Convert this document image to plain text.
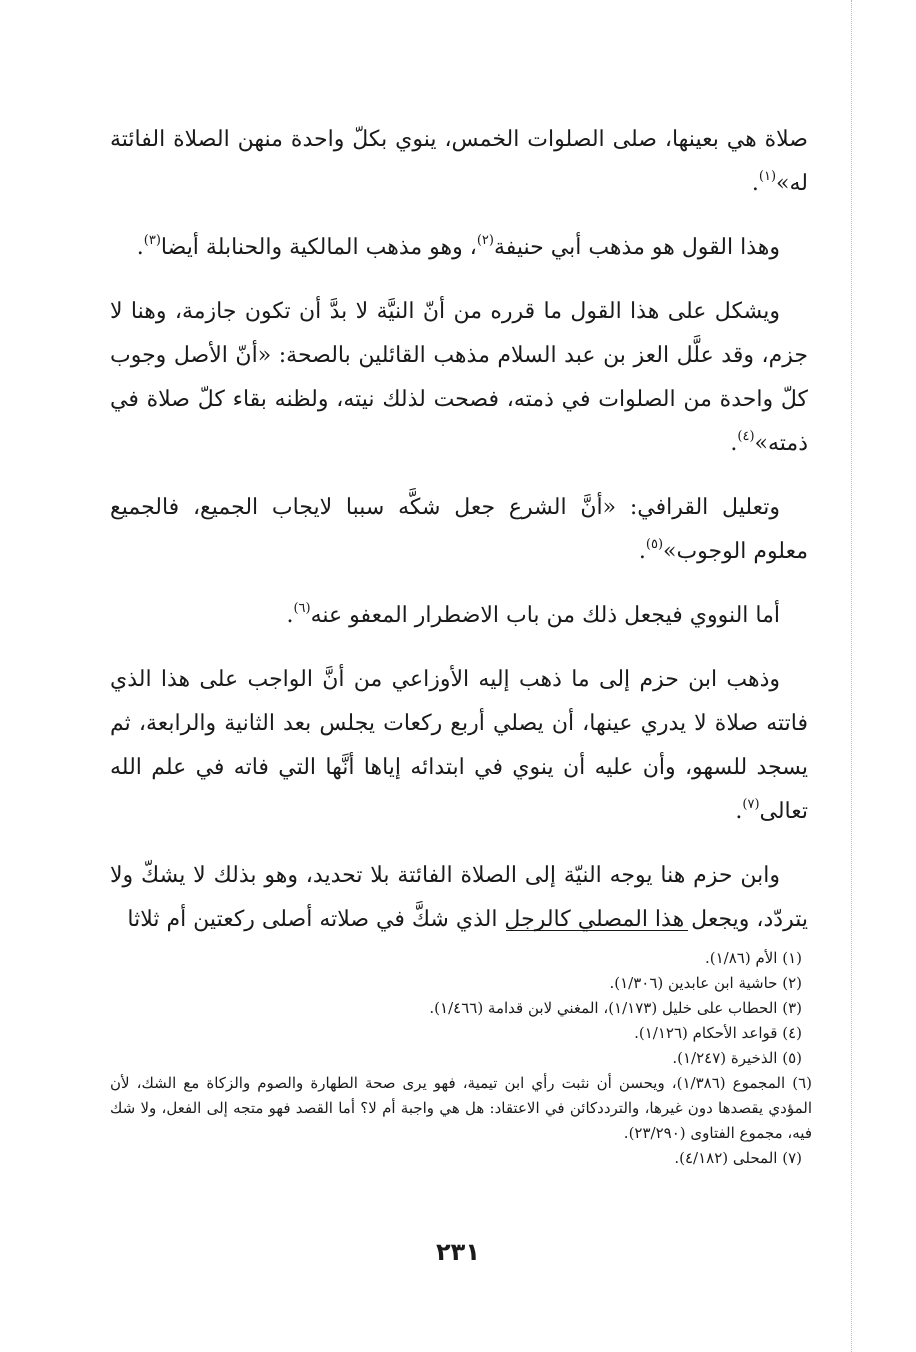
صلاة هي بعينها، صلى الصلوات الخمس، ينوي بكلّ واحدة منهن الصلاة الفائتة له»$^{(١)}$.

وهذا القول هو مذهب أبي حنيفة$^{(٢)}$، وهو مذهب المالكية والحنابلة أيضا$^{(٣)}$.

ويشكل على هذا القول ما قرره من أنّ النيَّة لا بدَّ أن تكون جازمة، وهنا لا جزم، وقد علَّل العز بن عبد السلام مذهب القائلين بالصحة: «أنّ الأصل وجوب كلّ واحدة من الصلوات في ذمته، فصحت لذلك نيته، ولظنه بقاء كلّ صلاة في ذمته»$^{(٤)}$.

وتعليل القرافي: «أنَّ الشرع جعل شكَّه سببا لايجاب الجميع، فالجميع معلوم الوجوب»$^{(٥)}$.

أما النووي فيجعل ذلك من باب الاضطرار المعفو عنه$^{(٦)}$.

وذهب ابن حزم إلى ما ذهب إليه الأوزاعي من أنَّ الواجب على هذا الذي فاتته صلاة لا يدري عينها، أن يصلي أربع ركعات يجلس بعد الثانية والرابعة، ثم يسجد للسهو، وأن عليه أن ينوي في ابتدائه إياها أنَّها التي فاته في علم الله تعالى$^{(٧)}$.

وابن حزم هنا يوجه النيّة إلى الصلاة الفائتة بلا تحديد، وهو بذلك لا يشكّ ولا يتردّد، ويجعل هذا المصلي كالرجل الذي شكَّ في صلاته أصلى ركعتين أم ثلاثا

(١) الأم (١/٨٦).

(٢) حاشية ابن عابدين (١/٣٠٦).

(٣) الحطاب على خليل (١/١٧٣)، المغني لابن قدامة (١/٤٦٦).

(٤) قواعد الأحكام (١/١٢٦).

(٥) الذخيرة (١/٢٤٧).

(٦) المجموع (١/٣٨٦)، ويحسن أن نثبت رأي ابن تيمية، فهو يرى صحة الطهارة والصوم والزكاة مع الشك، لأن المؤدي يقصدها دون غيرها، والترددكائن في الاعتقاد: هل هي واجبة أم لا؟ أما القصد فهو متجه إلى الفعل، ولا شك فيه، مجموع الفتاوى (٢٣/٢٩٠).

(٧) المحلى (٤/١٨٢).

٢٣١
